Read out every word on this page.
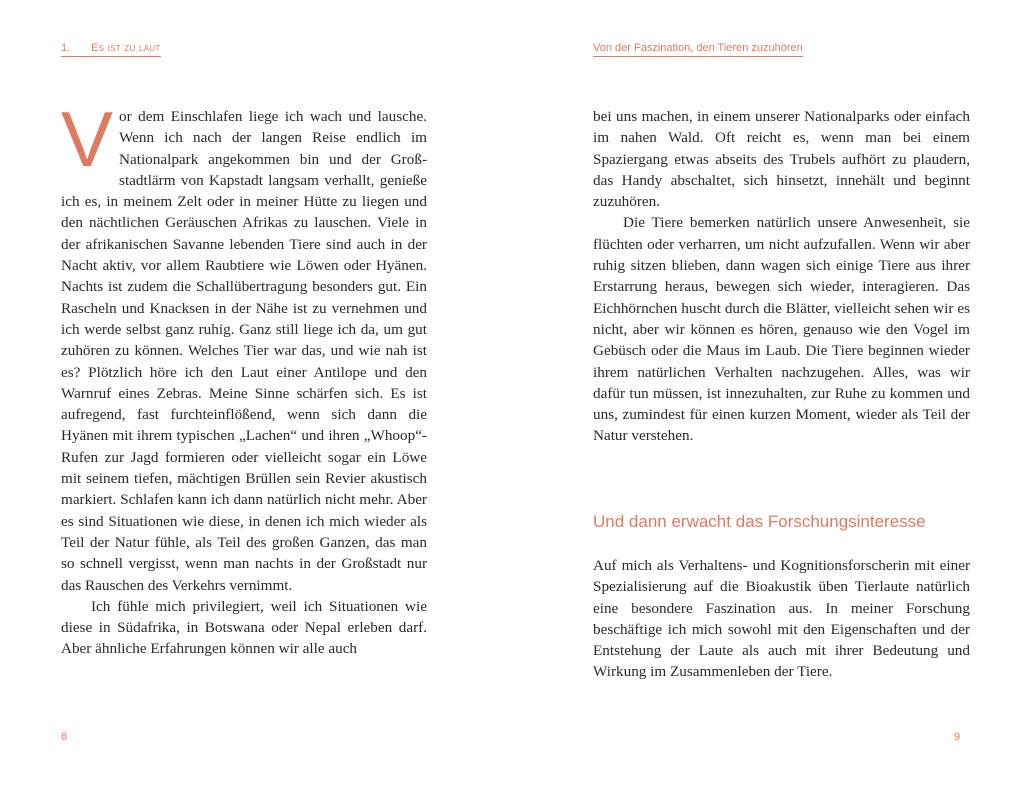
1. Es ist zu laut

Vor dem Einschlafen liege ich wach und lausche. Wenn ich nach der langen Reise endlich im Nationalpark angekommen bin und der Großstadtlärm von Kapstadt langsam verhallt, genieße ich es, in meinem Zelt oder in meiner Hütte zu liegen und den nächtlichen Geräuschen Afrikas zu lauschen. Viele in der afrikanischen Savanne lebenden Tiere sind auch in der Nacht aktiv, vor allem Raubtiere wie Löwen oder Hyänen. Nachts ist zudem die Schallübertragung besonders gut. Ein Rascheln und Knacksen in der Nähe ist zu vernehmen und ich werde selbst ganz ruhig. Ganz still liege ich da, um gut zuhören zu können. Welches Tier war das, und wie nah ist es? Plötzlich höre ich den Laut einer Antilope und den Warnruf eines Zebras. Meine Sinne schärfen sich. Es ist aufregend, fast furchteinflößend, wenn sich dann die Hyänen mit ihrem typischen „Lachen“ und ihren „Whoop“-Rufen zur Jagd formieren oder vielleicht sogar ein Löwe mit seinem tiefen, mächtigen Brüllen sein Revier akustisch markiert. Schlafen kann ich dann natürlich nicht mehr. Aber es sind Situationen wie diese, in denen ich mich wieder als Teil der Natur fühle, als Teil des großen Ganzen, das man so schnell vergisst, wenn man nachts in der Großstadt nur das Rauschen des Verkehrs vernimmt.

Ich fühle mich privilegiert, weil ich Situationen wie diese in Südafrika, in Botswana oder Nepal erleben darf. Aber ähnliche Erfahrungen können wir alle auch

8
Von der Faszination, den Tieren zuzuhören

bei uns machen, in einem unserer Nationalparks oder einfach im nahen Wald. Oft reicht es, wenn man bei einem Spaziergang etwas abseits des Trubels aufhört zu plaudern, das Handy abschaltet, sich hinsetzt, innehält und beginnt zuzuhören.

Die Tiere bemerken natürlich unsere Anwesenheit, sie flüchten oder verharren, um nicht aufzufallen. Wenn wir aber ruhig sitzen blieben, dann wagen sich einige Tiere aus ihrer Erstarrung heraus, bewegen sich wieder, interagieren. Das Eichhörnchen huscht durch die Blätter, vielleicht sehen wir es nicht, aber wir können es hören, genauso wie den Vogel im Gebüsch oder die Maus im Laub. Die Tiere beginnen wieder ihrem natürlichen Verhalten nachzugehen. Alles, was wir dafür tun müssen, ist innezuhalten, zur Ruhe zu kommen und uns, zumindest für einen kurzen Moment, wieder als Teil der Natur verstehen.

Und dann erwacht das Forschungsinteresse

Auf mich als Verhaltens- und Kognitionsforscherin mit einer Spezialisierung auf die Bioakustik üben Tierlaute natürlich eine besondere Faszination aus. In meiner Forschung beschäftige ich mich sowohl mit den Eigenschaften und der Entstehung der Laute als auch mit ihrer Bedeutung und Wirkung im Zusammenleben der Tiere.

9
